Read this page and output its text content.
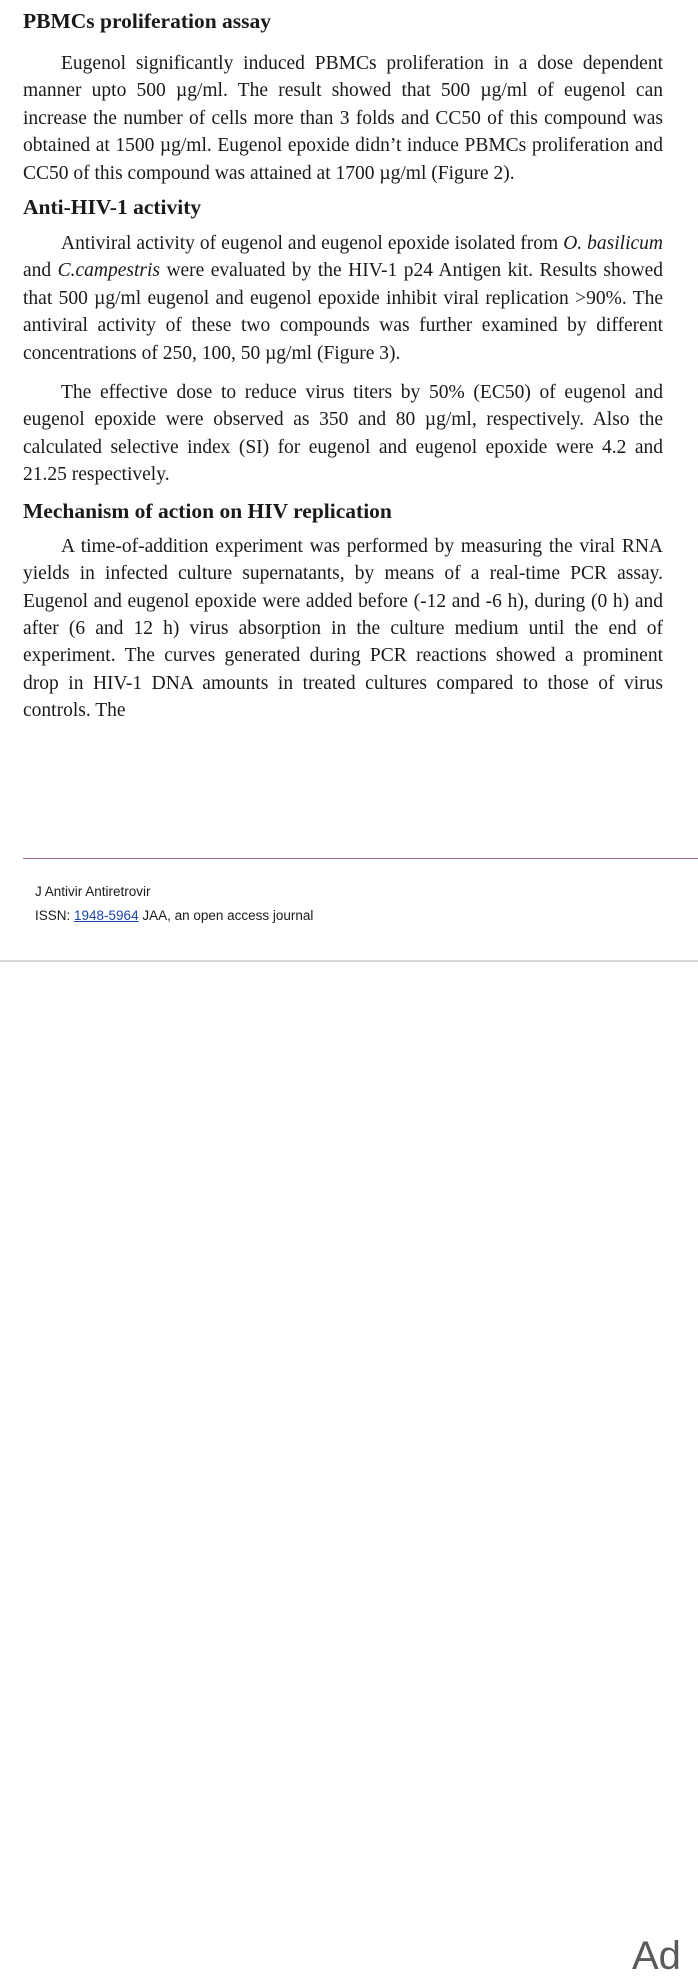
PBMCs proliferation assay

Eugenol significantly induced PBMCs proliferation in a dose dependent manner upto 500 µg/ml. The result showed that 500 µg/ml of eugenol can increase the number of cells more than 3 folds and CC50 of this compound was obtained at 1500 µg/ml. Eugenol epoxide didn’t induce PBMCs proliferation and CC50 of this compound was attained at 1700 µg/ml (Figure 2).

Anti-HIV-1 activity

Antiviral activity of eugenol and eugenol epoxide isolated from O. basilicum and C.campestris were evaluated by the HIV-1 p24 Antigen kit. Results showed that 500 µg/ml eugenol and eugenol epoxide inhibit viral replication >90%. The antiviral activity of these two compounds was further examined by different concentrations of 250, 100, 50 µg/ml (Figure 3).

The effective dose to reduce virus titers by 50% (EC50) of eugenol and eugenol epoxide were observed as 350 and 80 µg/ml, respectively. Also the calculated selective index (SI) for eugenol and eugenol epoxide were 4.2 and 21.25 respectively.

Mechanism of action on HIV replication

A time-of-addition experiment was performed by measuring the viral RNA yields in infected culture supernatants, by means of a real-time PCR assay. Eugenol and eugenol epoxide were added before (-12 and -6 h), during (0 h) and after (6 and 12 h) virus absorption in the culture medium until the end of experiment. The curves generated during PCR reactions showed a prominent drop in HIV-1 DNA amounts in treated cultures compared to those of virus controls. The

J Antivir Antiretrovir
ISSN: 1948-5964 JAA, an open access journal
Ad
